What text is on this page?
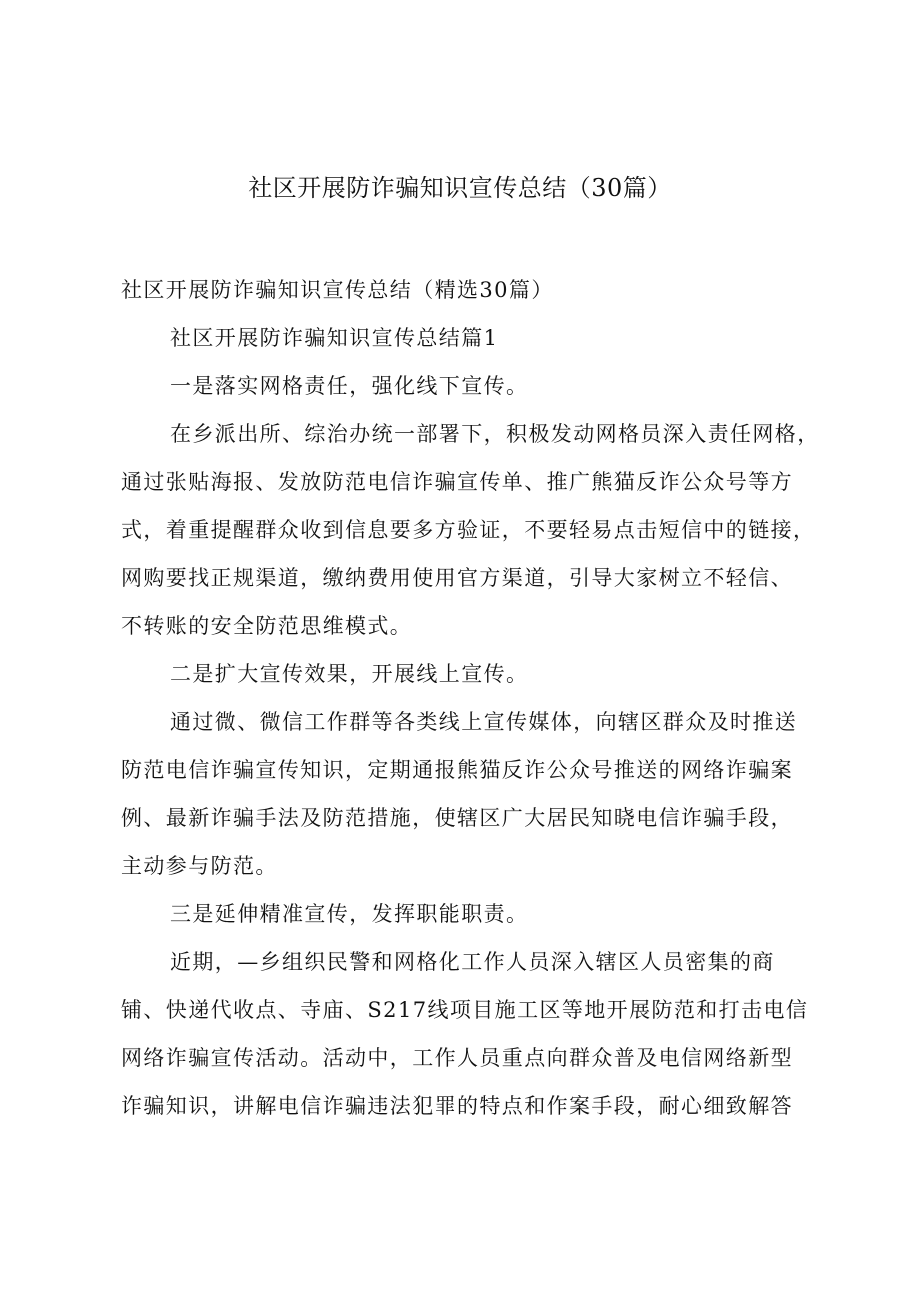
社区开展防诈骗知识宣传总结（30篇）
社区开展防诈骗知识宣传总结（精选30篇）
社区开展防诈骗知识宣传总结篇1
一是落实网格责任，强化线下宣传。
在乡派出所、综治办统一部署下，积极发动网格员深入责任网格，
通过张贴海报、发放防范电信诈骗宣传单、推广熊猫反诈公众号等方
式，着重提醒群众收到信息要多方验证，不要轻易点击短信中的链接，
网购要找正规渠道，缴纳费用使用官方渠道，引导大家树立不轻信、
不转账的安全防范思维模式。
二是扩大宣传效果，开展线上宣传。
通过微、微信工作群等各类线上宣传媒体，向辖区群众及时推送
防范电信诈骗宣传知识，定期通报熊猫反诈公众号推送的网络诈骗案
例、最新诈骗手法及防范措施，使辖区广大居民知晓电信诈骗手段，
主动参与防范。
三是延伸精准宣传，发挥职能职责。
近期，—乡组织民警和网格化工作人员深入辖区人员密集的商
铺、快递代收点、寺庙、S217线项目施工区等地开展防范和打击电信
网络诈骗宣传活动。活动中，工作人员重点向群众普及电信网络新型
诈骗知识，讲解电信诈骗违法犯罪的特点和作案手段，耐心细致解答
